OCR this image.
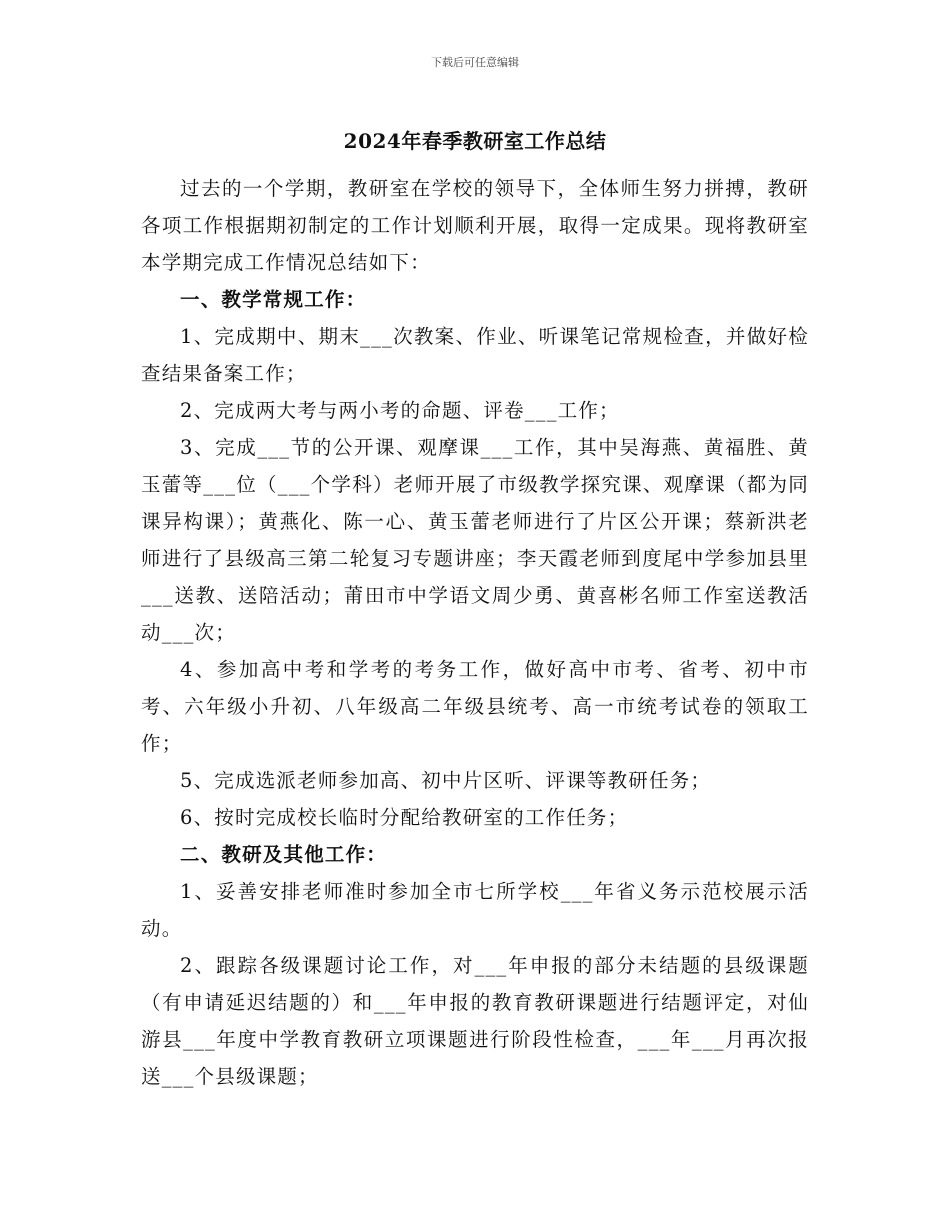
下载后可任意编辑
2024年春季教研室工作总结

过去的一个学期，教研室在学校的领导下，全体师生努力拼搏，教研各项工作根据期初制定的工作计划顺利开展，取得一定成果。现将教研室本学期完成工作情况总结如下：

一、教学常规工作：

1、完成期中、期末___次教案、作业、听课笔记常规检查，并做好检查结果备案工作；

2、完成两大考与两小考的命题、评卷___工作；

3、完成___节的公开课、观摩课___工作，其中吴海燕、黄福胜、黄玉蕾等___位（___个学科）老师开展了市级教学探究课、观摩课（都为同课异构课）；黄燕化、陈一心、黄玉蕾老师进行了片区公开课；蔡新洪老师进行了县级高三第二轮复习专题讲座；李天霞老师到度尾中学参加县里___送教、送陪活动；莆田市中学语文周少勇、黄喜彬名师工作室送教活动___次；

4、参加高中考和学考的考务工作，做好高中市考、省考、初中市考、六年级小升初、八年级高二年级县统考、高一市统考试卷的领取工作；

5、完成选派老师参加高、初中片区听、评课等教研任务；

6、按时完成校长临时分配给教研室的工作任务；

二、教研及其他工作：

1、妥善安排老师准时参加全市七所学校___年省义务示范校展示活动。

2、跟踪各级课题讨论工作，对___年申报的部分未结题的县级课题（有申请延迟结题的）和___年申报的教育教研课题进行结题评定，对仙游县___年度中学教育教研立项课题进行阶段性检查，___年___月再次报送___个县级课题；
